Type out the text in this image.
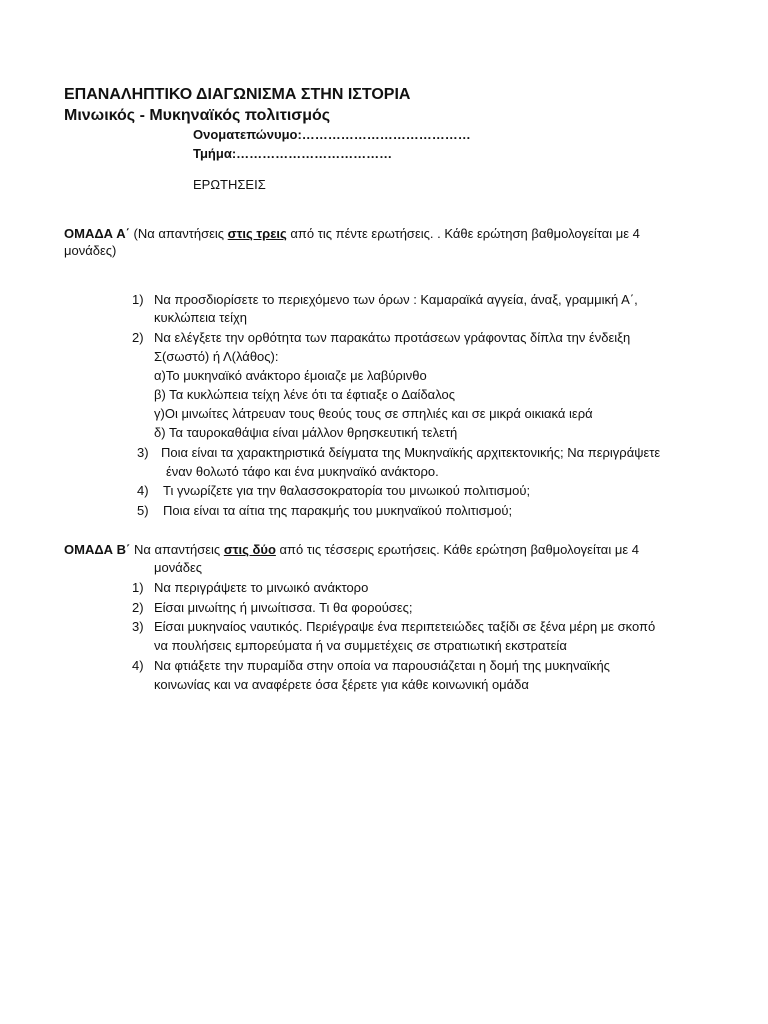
ΕΠΑΝΑΛΗΠΤΙΚΟ ΔΙΑΓΩΝΙΣΜΑ ΣΤΗΝ ΙΣΤΟΡΙΑ
Μινωικός - Μυκηναϊκός πολιτισμός
Ονοματεπώνυμο:…………………………………
Τμήμα:………………………………
ΕΡΩΤΗΣΕΙΣ
ΟΜΑΔΑ Α΄ (Να απαντήσεις στις τρεις από τις πέντε ερωτήσεις. . Κάθε ερώτηση βαθμολογείται με 4
μονάδες)
1) Να προσδιορίσετε το περιεχόμενο των όρων : Καμαραϊκά αγγεία, άναξ, γραμμική Α΄,
κυκλώπεια τείχη
2) Να ελέγξετε την ορθότητα των παρακάτω προτάσεων γράφοντας δίπλα την ένδειξη
Σ(σωστό) ή Λ(λάθος):
α)Το μυκηναϊκό ανάκτορο έμοιαζε με λαβύρινθο
β) Τα κυκλώπεια τείχη λένε ότι τα έφτιαξε ο Δαίδαλος
γ)Οι μινωίτες λάτρευαν τους θεούς τους σε σπηλιές και σε μικρά οικιακά ιερά
δ) Τα ταυροκαθάψια είναι μάλλον θρησκευτική τελετή
3) Ποια είναι τα χαρακτηριστικά δείγματα της Μυκηναϊκής αρχιτεκτονικής; Να περιγράψετε
έναν θολωτό τάφο και ένα μυκηναϊκό ανάκτορο.
4) Τι γνωρίζετε για την θαλασσοκρατορία του μινωικού πολιτισμού;
5) Ποια είναι τα αίτια της παρακμής του μυκηναϊκού πολιτισμού;
ΟΜΑΔΑ Β΄ Να απαντήσεις στις δύο από τις τέσσερις ερωτήσεις. Κάθε ερώτηση βαθμολογείται με 4
μονάδες
1) Να περιγράψετε το μινωικό ανάκτορο
2) Είσαι μινωίτης ή μινωίτισσα. Τι θα φορούσες;
3) Είσαι μυκηναίος ναυτικός. Περιέγραψε ένα περιπετειώδες ταξίδι σε ξένα μέρη με σκοπό
να πουλήσεις εμπορεύματα ή να συμμετέχεις σε στρατιωτική εκστρατεία
4) Να φτιάξετε την πυραμίδα στην οποία να παρουσιάζεται η δομή της μυκηναϊκής
κοινωνίας και να αναφέρετε όσα ξέρετε για κάθε κοινωνική ομάδα
